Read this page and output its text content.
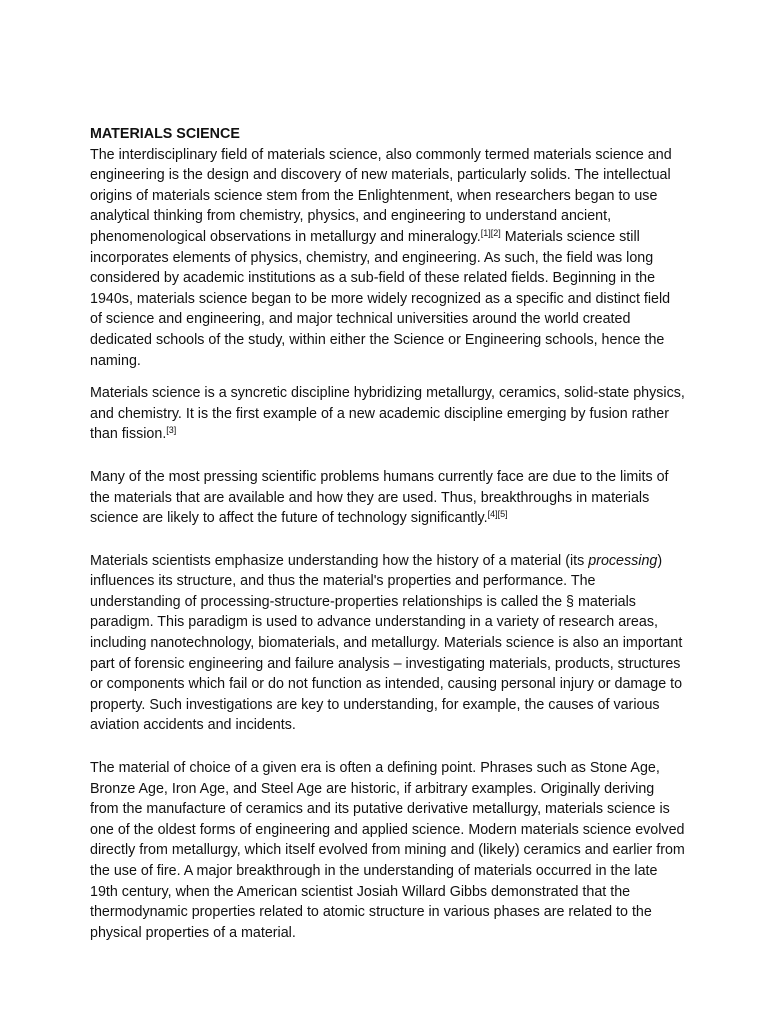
MATERIALS SCIENCE

The interdisciplinary field of materials science, also commonly termed materials science and engineering is the design and discovery of new materials, particularly solids. The intellectual origins of materials science stem from the Enlightenment, when researchers began to use analytical thinking from chemistry, physics, and engineering to understand ancient, phenomenological observations in metallurgy and mineralogy.[1][2] Materials science still incorporates elements of physics, chemistry, and engineering. As such, the field was long considered by academic institutions as a sub-field of these related fields. Beginning in the 1940s, materials science began to be more widely recognized as a specific and distinct field of science and engineering, and major technical universities around the world created dedicated schools of the study, within either the Science or Engineering schools, hence the naming.

Materials science is a syncretic discipline hybridizing metallurgy, ceramics, solid-state physics, and chemistry. It is the first example of a new academic discipline emerging by fusion rather than fission.[3]

Many of the most pressing scientific problems humans currently face are due to the limits of the materials that are available and how they are used. Thus, breakthroughs in materials science are likely to affect the future of technology significantly.[4][5]

Materials scientists emphasize understanding how the history of a material (its processing) influences its structure, and thus the material's properties and performance. The understanding of processing-structure-properties relationships is called the § materials paradigm. This paradigm is used to advance understanding in a variety of research areas, including nanotechnology, biomaterials, and metallurgy. Materials science is also an important part of forensic engineering and failure analysis – investigating materials, products, structures or components which fail or do not function as intended, causing personal injury or damage to property. Such investigations are key to understanding, for example, the causes of various aviation accidents and incidents.

The material of choice of a given era is often a defining point. Phrases such as Stone Age, Bronze Age, Iron Age, and Steel Age are historic, if arbitrary examples. Originally deriving from the manufacture of ceramics and its putative derivative metallurgy, materials science is one of the oldest forms of engineering and applied science. Modern materials science evolved directly from metallurgy, which itself evolved from mining and (likely) ceramics and earlier from the use of fire. A major breakthrough in the understanding of materials occurred in the late 19th century, when the American scientist Josiah Willard Gibbs demonstrated that the thermodynamic properties related to atomic structure in various phases are related to the physical properties of a material.
